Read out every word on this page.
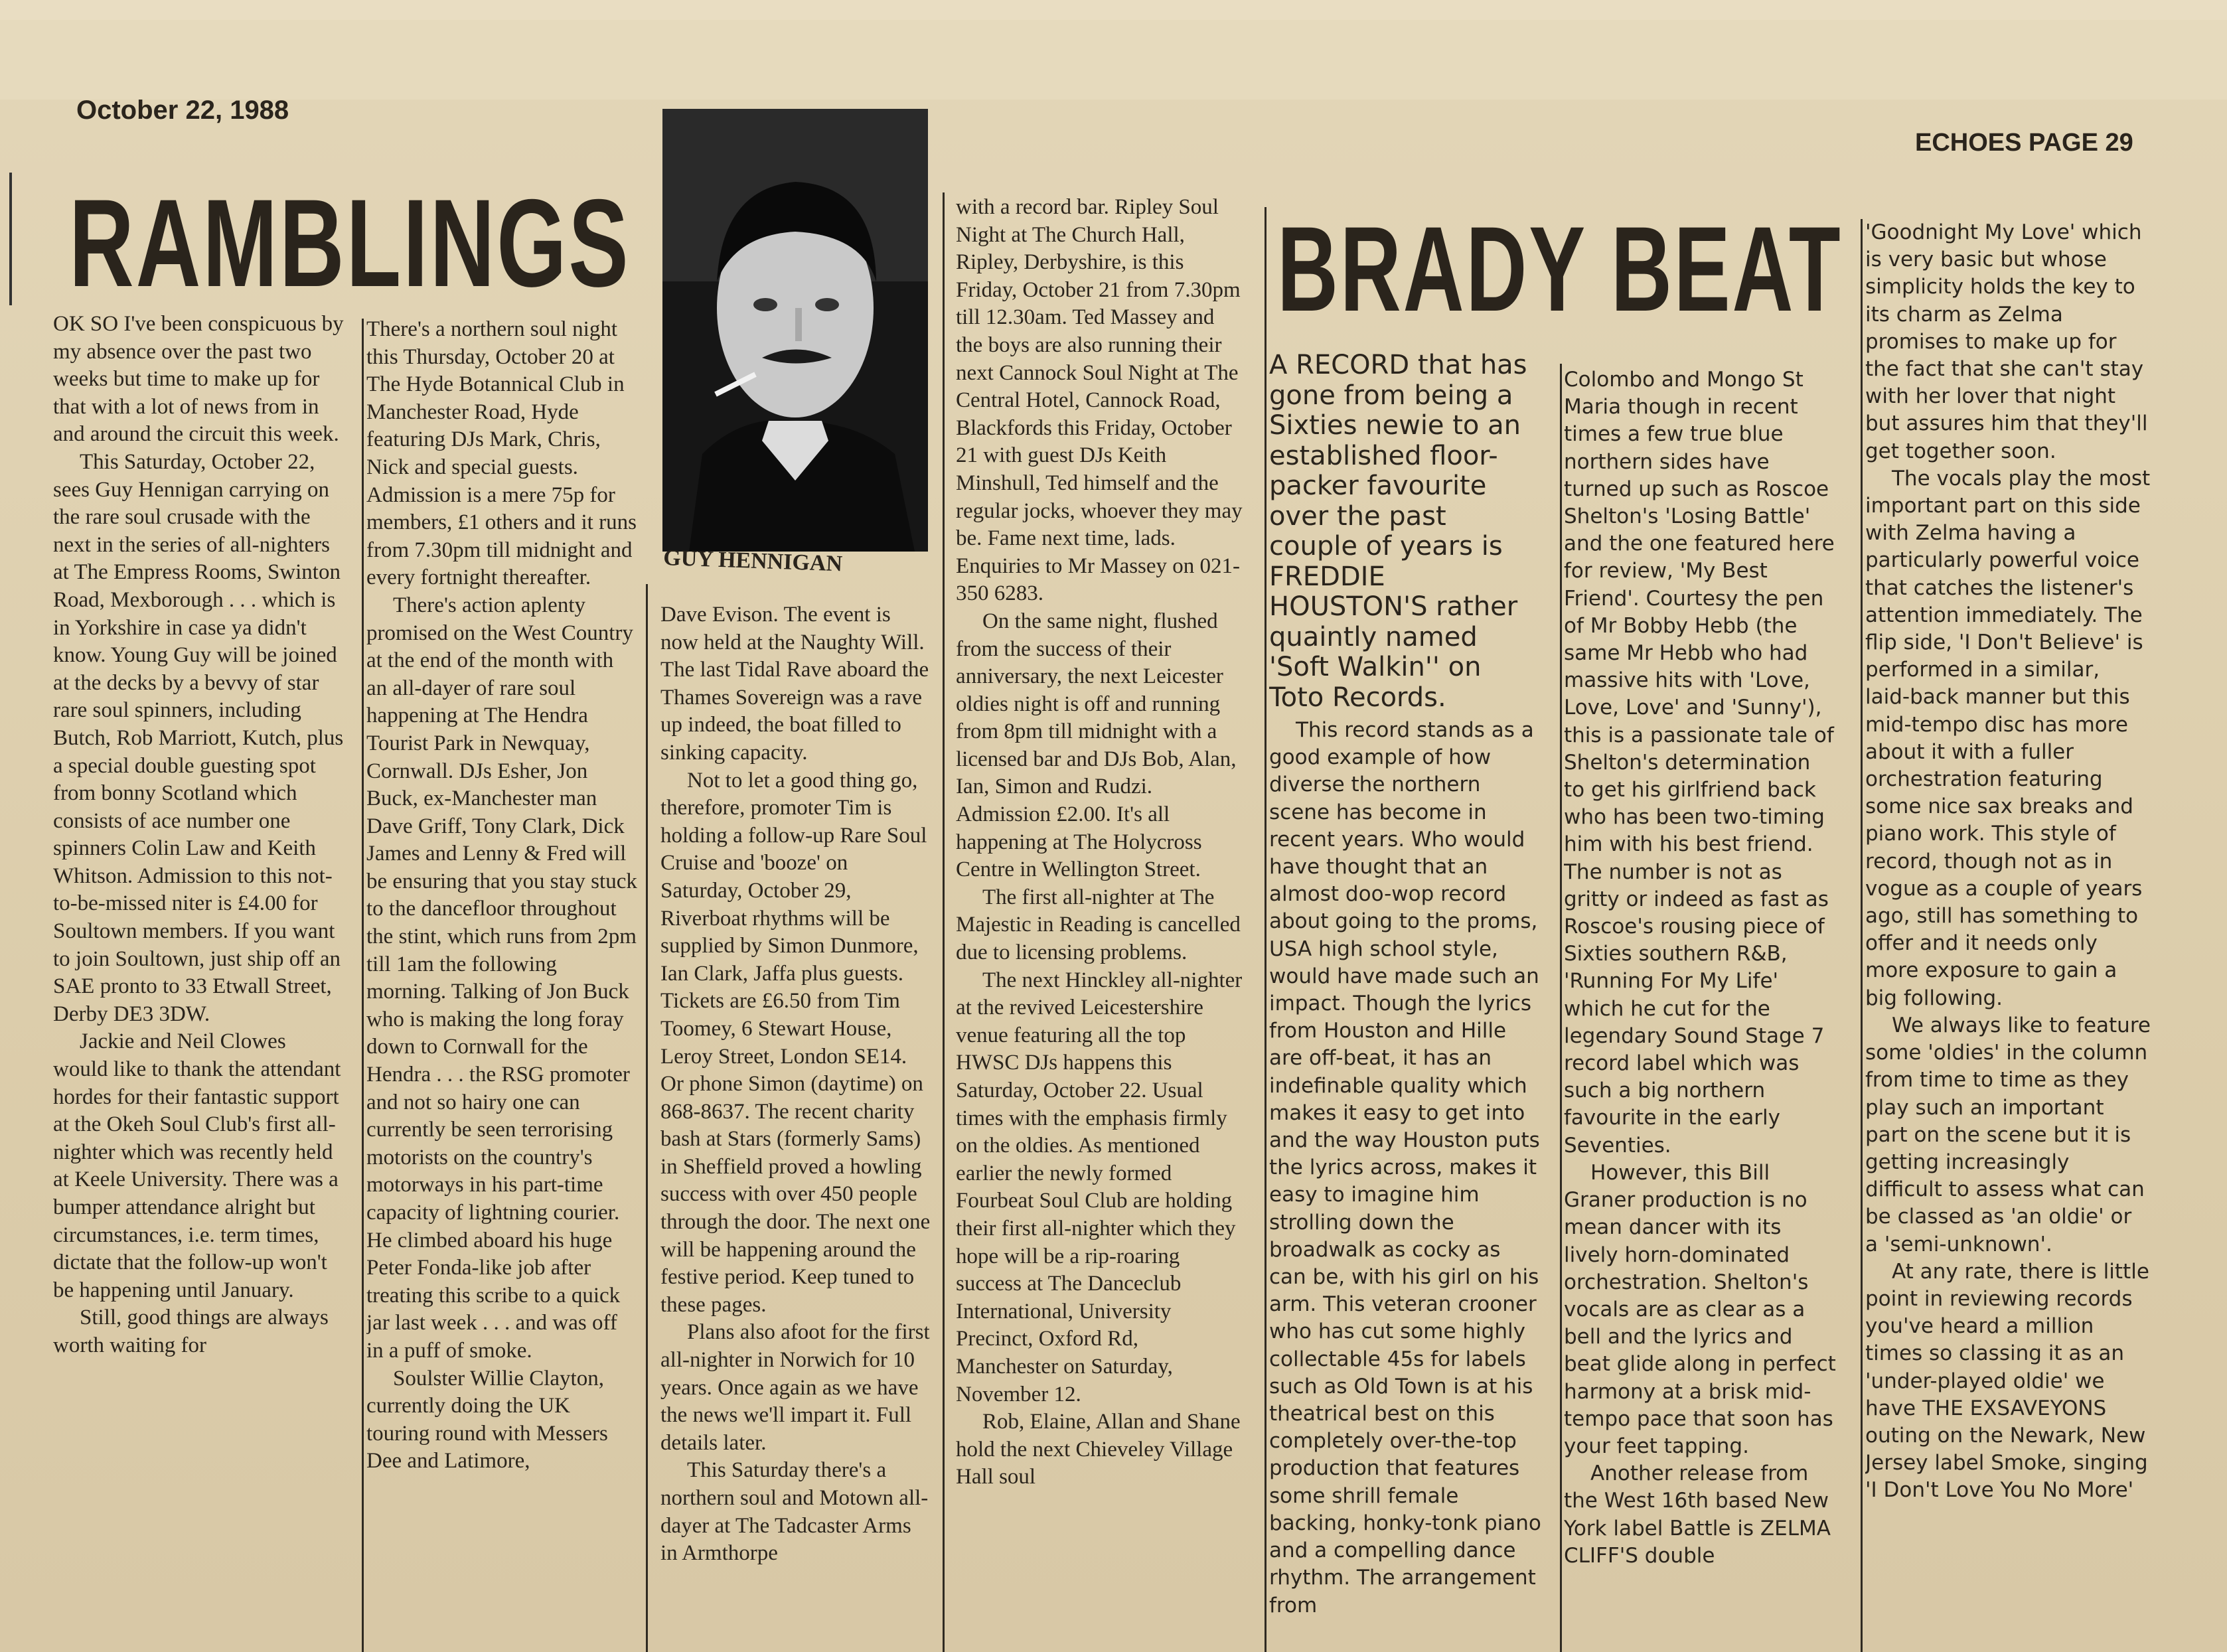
October 22, 1988
ECHOES PAGE 29
RAMBLINGS	BRADY BEAT
GUY HENNIGAN

OK SO I've been conspicuous by my absence over the past two weeks but time to make up for that with a lot of news from in and around the circuit this week.

This Saturday, October 22, sees Guy Hennigan carrying on the rare soul crusade with the next in the series of all-nighters at The Empress Rooms, Swinton Road, Mexborough . . . which is in Yorkshire in case ya didn't know. Young Guy will be joined at the decks by a bevvy of star rare soul spinners, including Butch, Rob Marriott, Kutch, plus a special double guesting spot from bonny Scotland which consists of ace number one spinners Colin Law and Keith Whitson. Admission to this not-to-be-missed niter is £4.00 for Soultown members. If you want to join Soultown, just ship off an SAE pronto to 33 Etwall Street, Derby DE3 3DW.

Jackie and Neil Clowes would like to thank the attendant hordes for their fantastic support at the Okeh Soul Club's first all-nighter which was recently held at Keele University. There was a bumper attendance alright but circumstances, i.e. term times, dictate that the follow-up won't be happening until January.

Still, good things are always worth waiting for

There's a northern soul night this Thursday, October 20 at The Hyde Botannical Club in Manchester Road, Hyde featuring DJs Mark, Chris, Nick and special guests. Admission is a mere 75p for members, £1 others and it runs from 7.30pm till midnight and every fortnight thereafter.

There's action aplenty promised on the West Country at the end of the month with an all-dayer of rare soul happening at The Hendra Tourist Park in Newquay, Cornwall. DJs Esher, Jon Buck, ex-Manchester man Dave Griff, Tony Clark, Dick James and Lenny & Fred will be ensuring that you stay stuck to the dancefloor throughout the stint, which runs from 2pm till 1am the following morning. Talking of Jon Buck who is making the long foray down to Cornwall for the Hendra . . . the RSG promoter and not so hairy one can currently be seen terrorising motorists on the country's motorways in his part-time capacity of lightning courier. He climbed aboard his huge Peter Fonda-like job after treating this scribe to a quick jar last week . . . and was off in a puff of smoke.

Soulster Willie Clayton, currently doing the UK touring round with Messers Dee and Latimore,

Dave Evison. The event is now held at the Naughty Will. The last Tidal Rave aboard the Thames Sovereign was a rave up indeed, the boat filled to sinking capacity.

Not to let a good thing go, therefore, promoter Tim is holding a follow-up Rare Soul Cruise and 'booze' on Saturday, October 29, Riverboat rhythms will be supplied by Simon Dunmore, Ian Clark, Jaffa plus guests. Tickets are £6.50 from Tim Toomey, 6 Stewart House, Leroy Street, London SE14. Or phone Simon (daytime) on 868-8637. The recent charity bash at Stars (formerly Sams) in Sheffield proved a howling success with over 450 people through the door. The next one will be happening around the festive period. Keep tuned to these pages.

Plans also afoot for the first all-nighter in Norwich for 10 years. Once again as we have the news we'll impart it. Full details later.

This Saturday there's a northern soul and Motown all-dayer at The Tadcaster Arms in Armthorpe

with a record bar. Ripley Soul Night at The Church Hall, Ripley, Derbyshire, is this Friday, October 21 from 7.30pm till 12.30am. Ted Massey and the boys are also running their next Cannock Soul Night at The Central Hotel, Cannock Road, Blackfords this Friday, October 21 with guest DJs Keith Minshull, Ted himself and the regular jocks, whoever they may be. Fame next time, lads. Enquiries to Mr Massey on 021-350 6283.

On the same night, flushed from the success of their anniversary, the next Leicester oldies night is off and running from 8pm till midnight with a licensed bar and DJs Bob, Alan, Ian, Simon and Rudzi. Admission £2.00. It's all happening at The Holycross Centre in Wellington Street.

The first all-nighter at The Majestic in Reading is cancelled due to licensing problems.

The next Hinckley all-nighter at the revived Leicestershire venue featuring all the top HWSC DJs happens this Saturday, October 22. Usual times with the emphasis firmly on the oldies. As mentioned earlier the newly formed Fourbeat Soul Club are holding their first all-nighter which they hope will be a rip-roaring success at The Danceclub International, University Precinct, Oxford Rd, Manchester on Saturday, November 12.

Rob, Elaine, Allan and Shane hold the next Chieveley Village Hall soul

A RECORD that has gone from being a Sixties newie to an established floor-packer favourite over the past couple of years is FREDDIE HOUSTON'S rather quaintly named 'Soft Walkin'' on Toto Records.

This record stands as a good example of how diverse the northern scene has become in recent years. Who would have thought that an almost doo-wop record about going to the proms, USA high school style, would have made such an impact. Though the lyrics from Houston and Hille are off-beat, it has an indefinable quality which makes it easy to get into and the way Houston puts the lyrics across, makes it easy to imagine him strolling down the broadwalk as cocky as can be, with his girl on his arm. This veteran crooner who has cut some highly collectable 45s for labels such as Old Town is at his theatrical best on this completely over-the-top production that features some shrill female backing, honky-tonk piano and a compelling dance rhythm. The arrangement from

Colombo and Mongo St Maria though in recent times a few true blue northern sides have turned up such as Roscoe Shelton's 'Losing Battle' and the one featured here for review, 'My Best Friend'. Courtesy the pen of Mr Bobby Hebb (the same Mr Hebb who had massive hits with 'Love, Love, Love' and 'Sunny'), this is a passionate tale of Shelton's determination to get his girlfriend back who has been two-timing him with his best friend. The number is not as gritty or indeed as fast as Roscoe's rousing piece of Sixties southern R&B, 'Running For My Life' which he cut for the legendary Sound Stage 7 record label which was such a big northern favourite in the early Seventies.

However, this Bill Graner production is no mean dancer with its lively horn-dominated orchestration. Shelton's vocals are as clear as a bell and the lyrics and beat glide along in perfect harmony at a brisk mid-tempo pace that soon has your feet tapping.

Another release from the West 16th based New York label Battle is ZELMA CLIFF'S double

'Goodnight My Love' which is very basic but whose simplicity holds the key to its charm as Zelma promises to make up for the fact that she can't stay with her lover that night but assures him that they'll get together soon.

The vocals play the most important part on this side with Zelma having a particularly powerful voice that catches the listener's attention immediately. The flip side, 'I Don't Believe' is performed in a similar, laid-back manner but this mid-tempo disc has more about it with a fuller orchestration featuring some nice sax breaks and piano work. This style of record, though not as in vogue as a couple of years ago, still has something to offer and it needs only more exposure to gain a big following.

We always like to feature some 'oldies' in the column from time to time as they play such an important part on the scene but it is getting increasingly difficult to assess what can be classed as 'an oldie' or a 'semi-unknown'.

At any rate, there is little point in reviewing records you've heard a million times so classing it as an 'under-played oldie' we have THE EXSAVEYONS outing on the Newark, New Jersey label Smoke, singing 'I Don't Love You No More'
